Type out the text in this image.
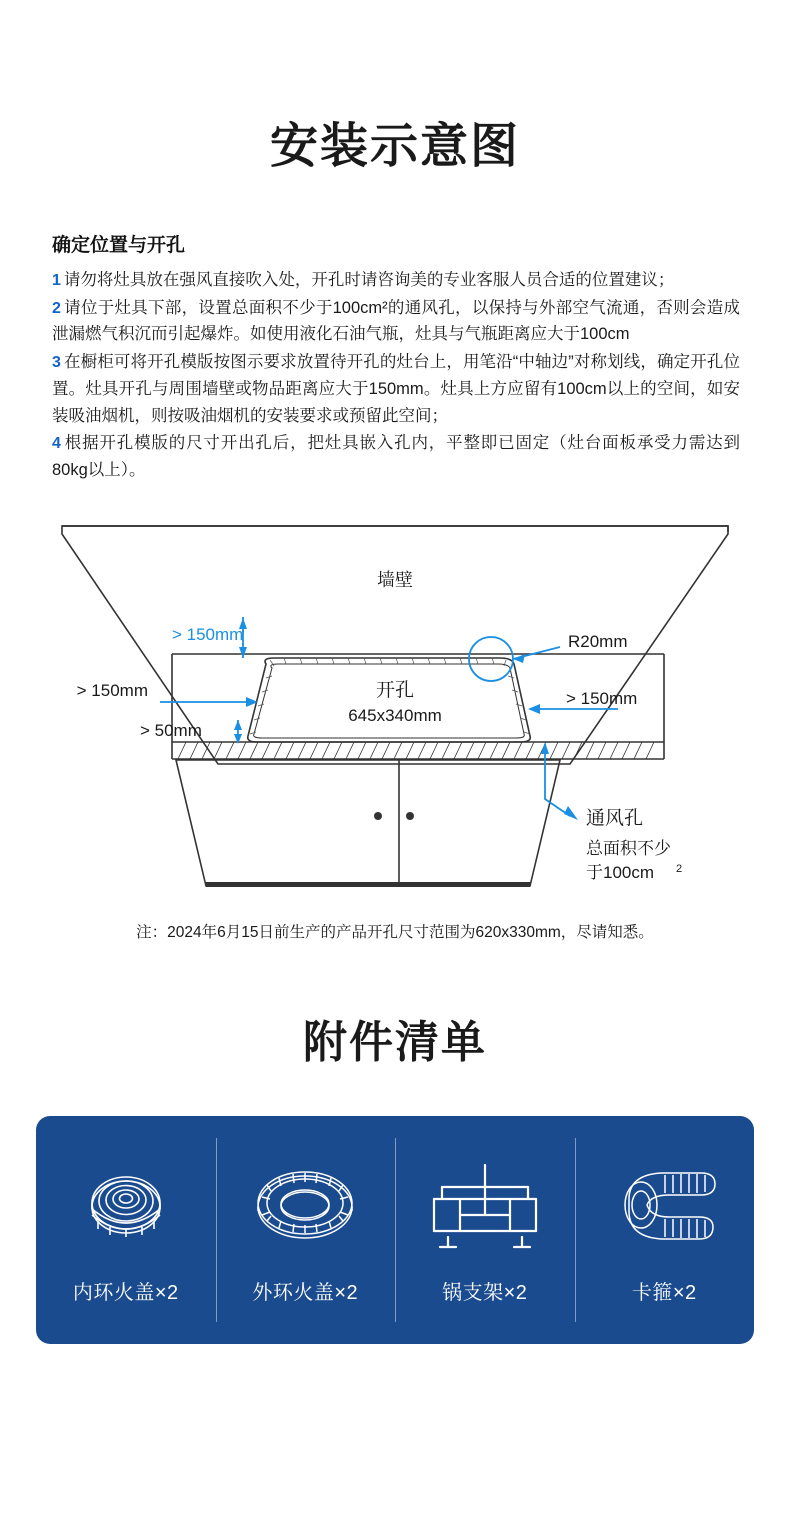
安装示意图
确定位置与开孔
1 请勿将灶具放在强风直接吹入处，开孔时请咨询美的专业客服人员合适的位置建议；
2 请位于灶具下部，设置总面积不少于100cm²的通风孔，以保持与外部空气流通，否则会造成泄漏燃气积沉而引起爆炸。如使用液化石油气瓶，灶具与气瓶距离应大于100cm
3 在橱柜可将开孔模版按图示要求放置待开孔的灶台上，用笔沿“中轴边”对称划线，确定开孔位置。灶具开孔与周围墙壁或物品距离应大于150mm。灶具上方应留有100cm以上的空间，如安装吸油烟机，则按吸油烟机的安装要求或预留此空间；
4 根据开孔模版的尺寸开出孔后，把灶具嵌入孔内，平整即已固定（灶台面板承受力需达到80kg以上）。
墙壁
开孔
645x340mm
R20mm
> 150mm
> 150mm	> 150mm
> 50mm
通风孔
总面积不少
于100cm 2
注：2024年6月15日前生产的产品开孔尺寸范围为620x330mm，尽请知悉。
附件清单
内环火盖×2	外环火盖×2	锅支架×2	卡箍×2
